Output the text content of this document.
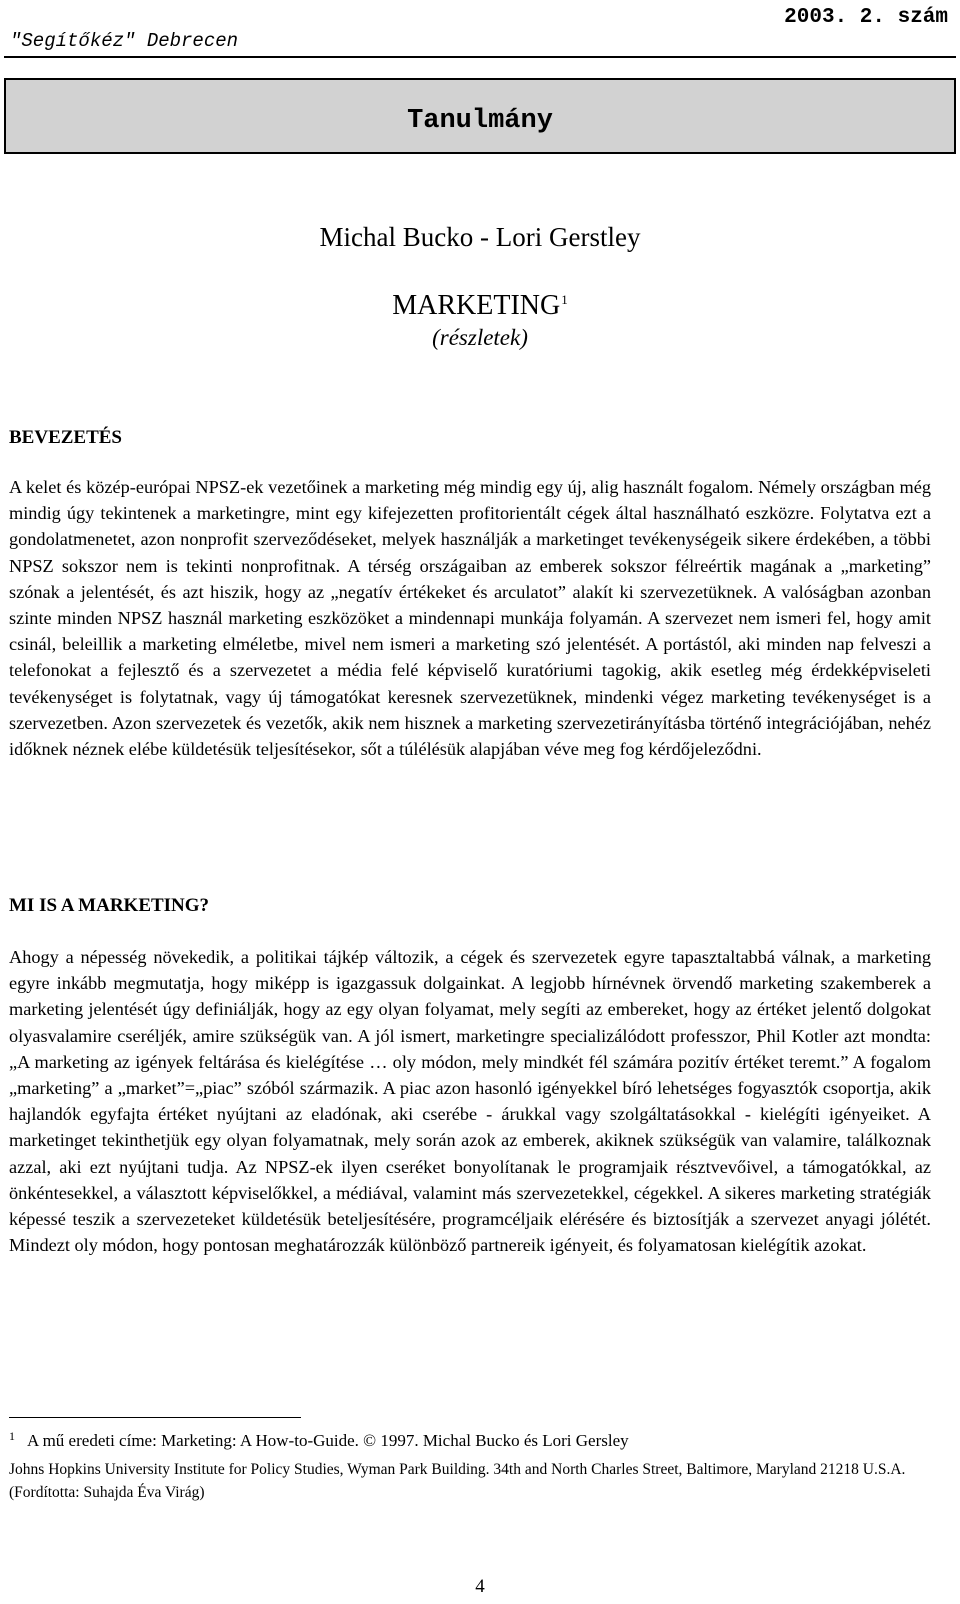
"Segítőkéz" Debrecen
2003. 2. szám
Tanulmány
Michal Bucko - Lori Gerstley
MARKETING$^1$
(részletek)
BEVEZETÉS

A kelet és közép-európai NPSZ-ek vezetőinek a marketing még mindig egy új, alig használt fogalom. Némely országban még mindig úgy tekintenek a marketingre, mint egy kifejezetten profitorientált cégek által használható eszközre. Folytatva ezt a gondolatmenetet, azon nonprofit szerveződéseket, melyek használják a marketinget tevékenységeik sikere érdekében, a többi NPSZ sokszor nem is tekinti nonprofitnak. A térség országaiban az emberek sokszor félreértik magának a „marketing” szónak a jelentését, és azt hiszik, hogy az „negatív értékeket és arculatot” alakít ki szervezetüknek. A valóságban azonban szinte minden NPSZ használ marketing eszközöket a mindennapi munkája folyamán. A szervezet nem ismeri fel, hogy amit csinál, beleillik a marketing elméletbe, mivel nem ismeri a marketing szó jelentését. A portástól, aki minden nap felveszi a telefonokat a fejlesztő és a szervezetet a média felé képviselő kuratóriumi tagokig, akik esetleg még érdekképviseleti tevékenységet is folytatnak, vagy új támogatókat keresnek szervezetüknek, mindenki végez marketing tevékenységet is a szervezetben. Azon szervezetek és vezetők, akik nem hisznek a marketing szervezetirányításba történő integrációjában, nehéz időknek néznek elébe küldetésük teljesítésekor, sőt a túlélésük alapjában véve meg fog kérdőjeleződni.

MI IS A MARKETING?

Ahogy a népesség növekedik, a politikai tájkép változik, a cégek és szervezetek egyre tapasztaltabbá válnak, a marketing egyre inkább megmutatja, hogy miképp is igazgassuk dolgainkat. A legjobb hírnévnek örvendő marketing szakemberek a marketing jelentését úgy definiálják, hogy az egy olyan folyamat, mely segíti az embereket, hogy az értéket jelentő dolgokat olyasvalamire cseréljék, amire szükségük van. A jól ismert, marketingre specializálódott professzor, Phil Kotler azt mondta: „A marketing az igények feltárása és kielégítése … oly módon, mely mindkét fél számára pozitív értéket teremt.” A fogalom „marketing” a „market”=„piac” szóból származik. A piac azon hasonló igényekkel bíró lehetséges fogyasztók csoportja, akik hajlandók egyfajta értéket nyújtani az eladónak, aki cserébe - árukkal vagy szolgáltatásokkal - kielégíti igényeiket. A marketinget tekinthetjük egy olyan folyamatnak, mely során azok az emberek, akiknek szükségük van valamire, találkoznak azzal, aki ezt nyújtani tudja. Az NPSZ-ek ilyen cseréket bonyolítanak le programjaik résztvevőivel, a támogatókkal, az önkéntesekkel, a választott képviselőkkel, a médiával, valamint más szervezetekkel, cégekkel. A sikeres marketing stratégiák képessé teszik a szervezeteket küldetésük beteljesítésére, programcéljaik elérésére és biztosítják a szervezet anyagi jólétét. Mindezt oly módon, hogy pontosan meghatározzák különböző partnereik igényeit, és folyamatosan kielégítik azokat.

$^1$ A mű eredeti címe: Marketing: A How-to-Guide. © 1997. Michal Bucko és Lori Gersley
Johns Hopkins University Institute for Policy Studies, Wyman Park Building. 34th and North Charles Street, Baltimore, Maryland 21218 U.S.A. (Fordította: Suhajda Éva Virág)
4
